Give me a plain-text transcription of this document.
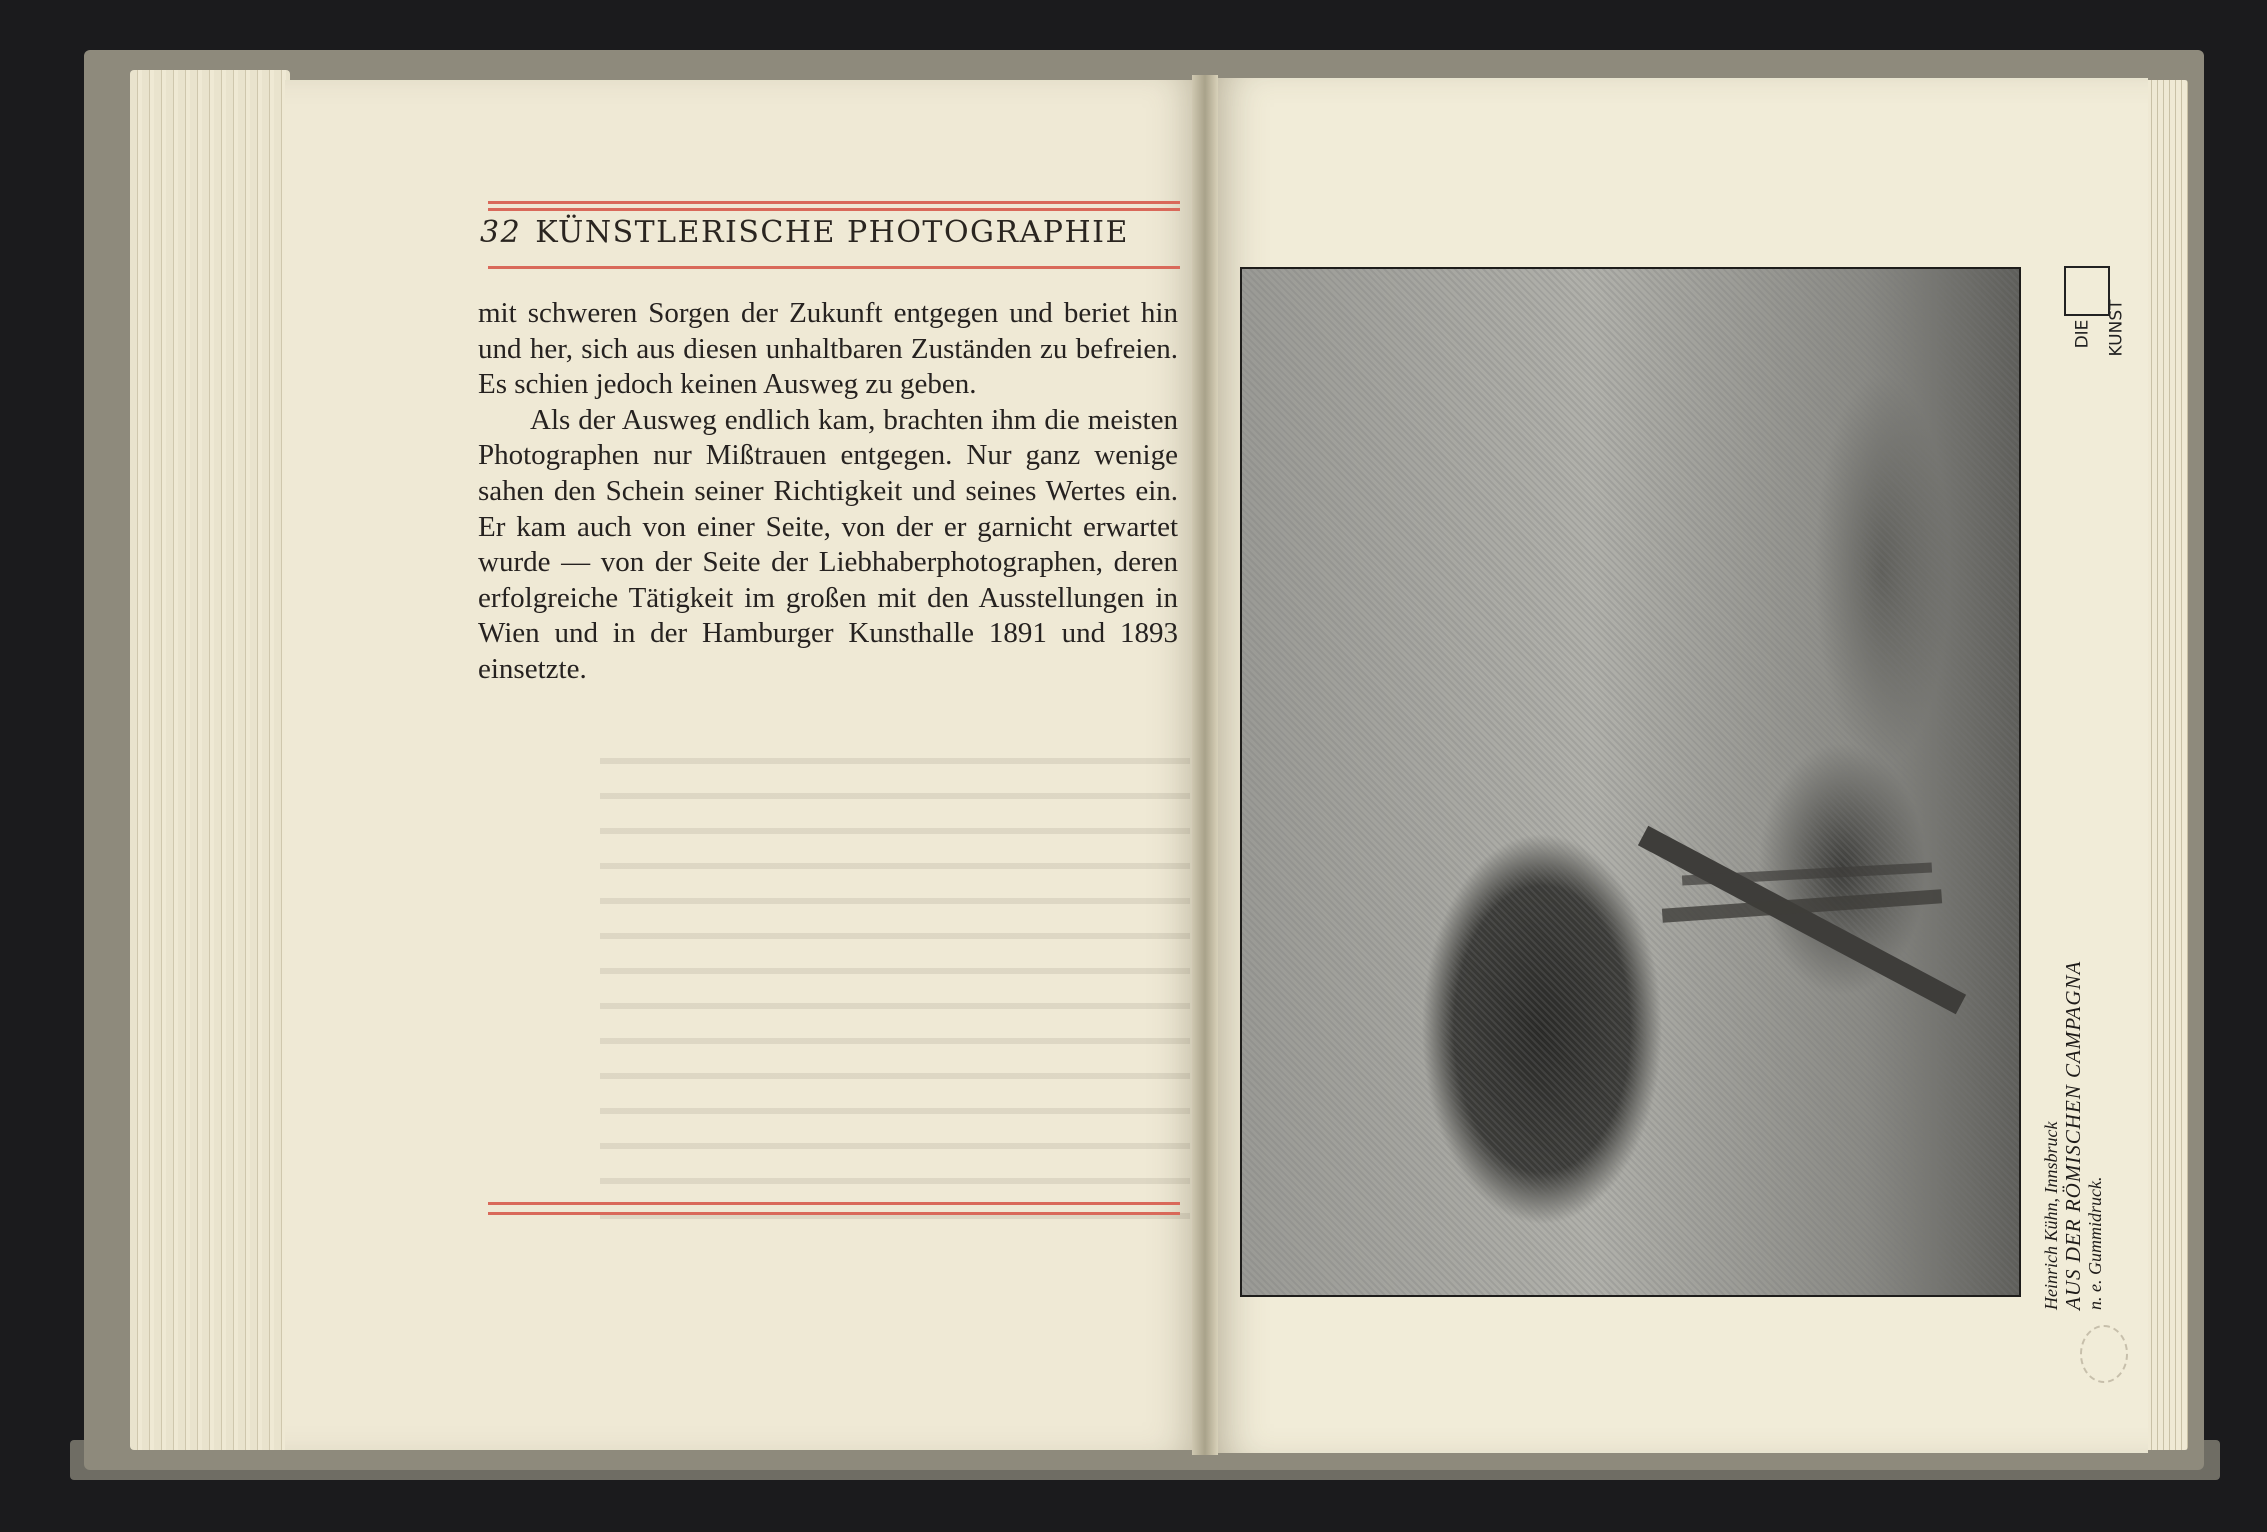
32 KÜNSTLERISCHE PHOTOGRAPHIE

mit schweren Sorgen der Zukunft entgegen und beriet hin und her, sich aus diesen unhaltbaren Zuständen zu befreien. Es schien jedoch keinen Ausweg zu geben.

Als der Ausweg endlich kam, brachten ihm die meisten Photographen nur Mißtrauen entgegen. Nur ganz wenige sahen den Schein seiner Richtigkeit und seines Wertes ein. Er kam auch von einer Seite, von der er garnicht erwartet wurde — von der Seite der Liebhaberphotographen, deren erfolgreiche Tätigkeit im großen mit den Ausstellungen in Wien und in der Hamburger Kunsthalle 1891 und 1893 einsetzte.

DIE KUNST
Heinrich Kühn, Innsbruck AUS DER RÖMISCHEN CAMPAGNA n. e. Gummidruck.
